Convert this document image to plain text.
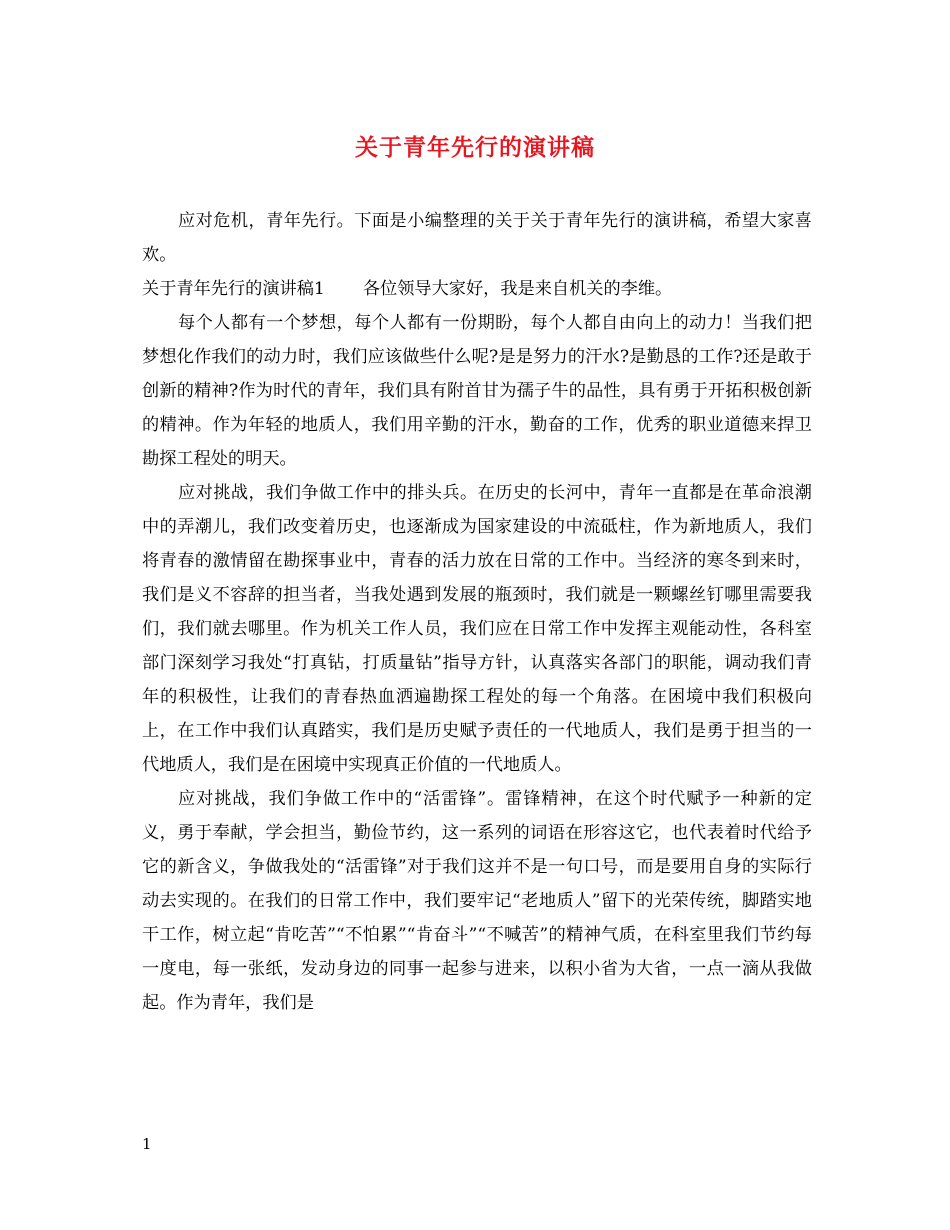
关于青年先行的演讲稿

应对危机，青年先行。下面是小编整理的关于关于青年先行的演讲稿，希望大家喜欢。

关于青年先行的演讲稿1 各位领导大家好，我是来自机关的李维。

每个人都有一个梦想，每个人都有一份期盼，每个人都自由向上的动力！当我们把梦想化作我们的动力时，我们应该做些什么呢?是是努力的汗水?是勤恳的工作?还是敢于创新的精神?作为时代的青年，我们具有附首甘为孺子牛的品性，具有勇于开拓积极创新的精神。作为年轻的地质人，我们用辛勤的汗水，勤奋的工作，优秀的职业道德来捍卫勘探工程处的明天。

应对挑战，我们争做工作中的排头兵。在历史的长河中，青年一直都是在革命浪潮中的弄潮儿，我们改变着历史，也逐渐成为国家建设的中流砥柱，作为新地质人，我们将青春的激情留在勘探事业中，青春的活力放在日常的工作中。当经济的寒冬到来时，我们是义不容辞的担当者，当我处遇到发展的瓶颈时，我们就是一颗螺丝钉哪里需要我们，我们就去哪里。作为机关工作人员，我们应在日常工作中发挥主观能动性，各科室部门深刻学习我处“打真钻，打质量钻”指导方针，认真落实各部门的职能，调动我们青年的积极性，让我们的青春热血洒遍勘探工程处的每一个角落。在困境中我们积极向上，在工作中我们认真踏实，我们是历史赋予责任的一代地质人，我们是勇于担当的一代地质人，我们是在困境中实现真正价值的一代地质人。

应对挑战，我们争做工作中的“活雷锋”。雷锋精神，在这个时代赋予一种新的定义，勇于奉献，学会担当，勤俭节约，这一系列的词语在形容这它，也代表着时代给予它的新含义，争做我处的“活雷锋”对于我们这并不是一句口号，而是要用自身的实际行动去实现的。在我们的日常工作中，我们要牢记“老地质人”留下的光荣传统，脚踏实地干工作，树立起“肯吃苦”“不怕累”“肯奋斗”“不喊苦”的精神气质，在科室里我们节约每一度电，每一张纸，发动身边的同事一起参与进来，以积小省为大省，一点一滴从我做起。作为青年，我们是

1
